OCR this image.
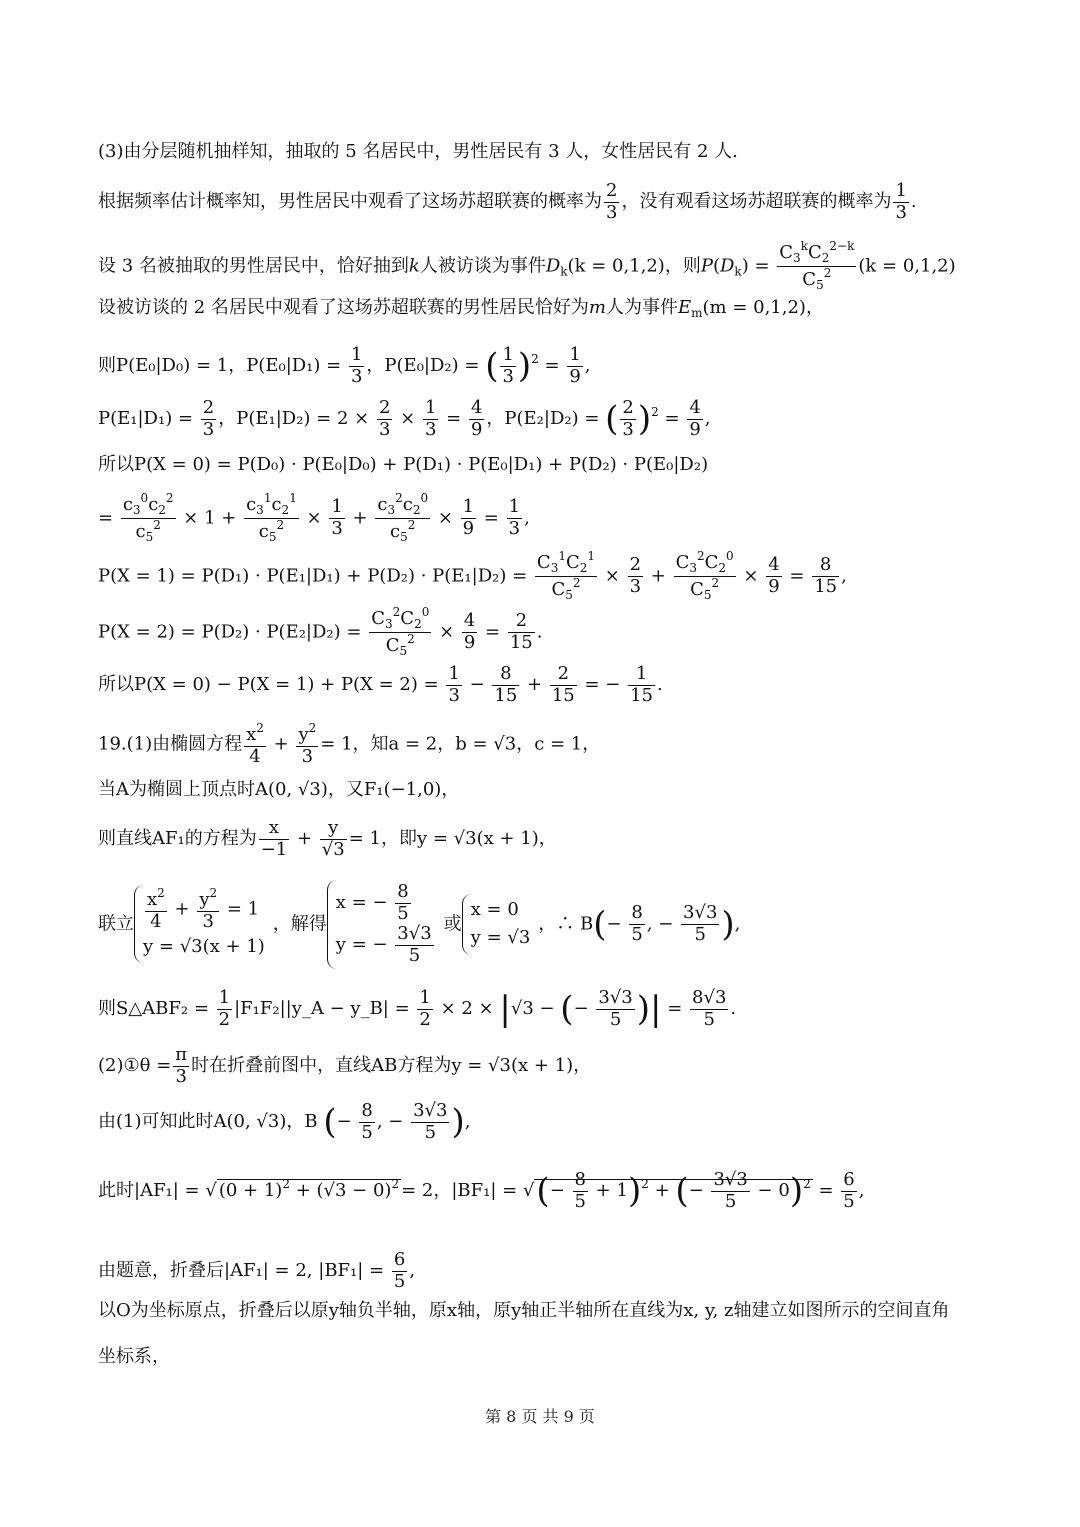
(3)由分层随机抽样知，抽取的 5 名居民中，男性居民有 3 人，女性居民有 2 人.
根据频率估计概率知，男性居民中观看了这场苏超联赛的概率为 $\frac{2}{3}$ ，没有观看这场苏超联赛的概率为 $\frac{1}{3}$ .
设 3 名被抽取的男性居民中，恰好抽到k人被访谈为事件$D_k(k = 0,1,2)$，则$P(D_k) = \frac{C_3^kC_2^{2-k}}{C_5^2} (k = 0,1,2)$
设被访谈的 2 名居民中观看了这场苏超联赛的男性居民恰好为m人为事件$E_m(m = 0,1,2)$，
则P(E₀|D₀) = 1，$P(E_0|D_1) = \frac{1}{3}$ ，P(E₀|D₂) = ( $\frac{1}{3} )^2 = \frac{1}{9}$ ,
$P(E_1|D_1) = \frac{2}{3}$ ，$P(E_1|D_2) = 2 \times \frac{2}{3} \times \frac{1}{3} = \frac{4}{9}$ ，P(E₂|D₂) = ( $\frac{2}{3} )^2 = \frac{4}{9}$ ,
所以P(X = 0) = P(D₀) · P(E₀|D₀) + P(D₁) · P(E₀|D₁) + P(D₂) · P(E₀|D₂)
= $\frac{c_3^0c_2^2}{c_5^2} \times 1 + \frac{c_3^1c_2^1}{c_5^2} \times \frac{1}{3} + \frac{c_3^2c_2^0}{c_5^2} \times \frac{1}{9} = \frac{1}{3}$ ,
$P(X = 1) = P(D_1) \cdot P(E_1|D_1) + P(D_2) \cdot P(E_1|D_2) = \frac{C_3^1C_2^1}{C_5^2} \times \frac{2}{3} + \frac{C_3^2C_2^0}{C_5^2} \times \frac{4}{9} = \frac{8}{15}$ ,
$P(X = 2) = P(D_2) \cdot P(E_2|D_2) = \frac{C_3^2C_2^0}{C_5^2} \times \frac{4}{9} = \frac{2}{15}$ .
所以$P(X = 0) - P(X = 1) + P(X = 2) = \frac{1}{3} - \frac{8}{15} + \frac{2}{15}$ = − $\frac{1}{15}$ .
19.(1)由椭圆方程 $\frac{x^2}{4} + \frac{y^2}{3} = 1$，知a = 2，b = √3，c = 1，
当A为椭圆上顶点时A(0, √3)，又F₁(−1,0)，
则直线AF₁的方程为 $\frac{x}{-1} + \frac{y}{√3} = 1$，即y = √3(x + 1)，
联立 $\frac{x^2}{4} + \frac{y^2}{3} = 1$
y = √3(x + 1)
，解得
x = − $\frac{8}{5}$
y = − $\frac{3√3}{5}$
或
x = 0
y = √3
，∴ $B(- \frac{8}{5}$ , − $\frac{3√3}{5}$ ),
则S△ABF₂ = $\frac{1}{2}$ |F₁F₂||y_A − y_B| = $\frac{1}{2} \times 2 \times |√3$ − (− $\frac{3√3}{5}$ )| = $\frac{8√3}{5}$ .
(2)①θ = $\frac{\pi}{3}$ 时在折叠前图中，直线AB方程为y = √3(x + 1)，
由(1)可知此时A(0, √3)，B (− $\frac{8}{5}$ , − $\frac{3√3}{5}$ ),
此时|AF₁| = √ $(0 + 1)^2 + (√3 - 0)^2 = 2$，|BF₁| = √(− $\frac{8}{5} + 1)^2$ + (− $\frac{3√3}{5} - 0)^2 = \frac{6}{5}$ ,
由题意，折叠后|AF₁| = 2, $|BF_1| = \frac{6}{5}$ ,
以O为坐标原点，折叠后以原y轴负半轴，原x轴，原y轴正半轴所在直线为x, y, z轴建立如图所示的空间直角
坐标系，
第 8 页 共 9 页
